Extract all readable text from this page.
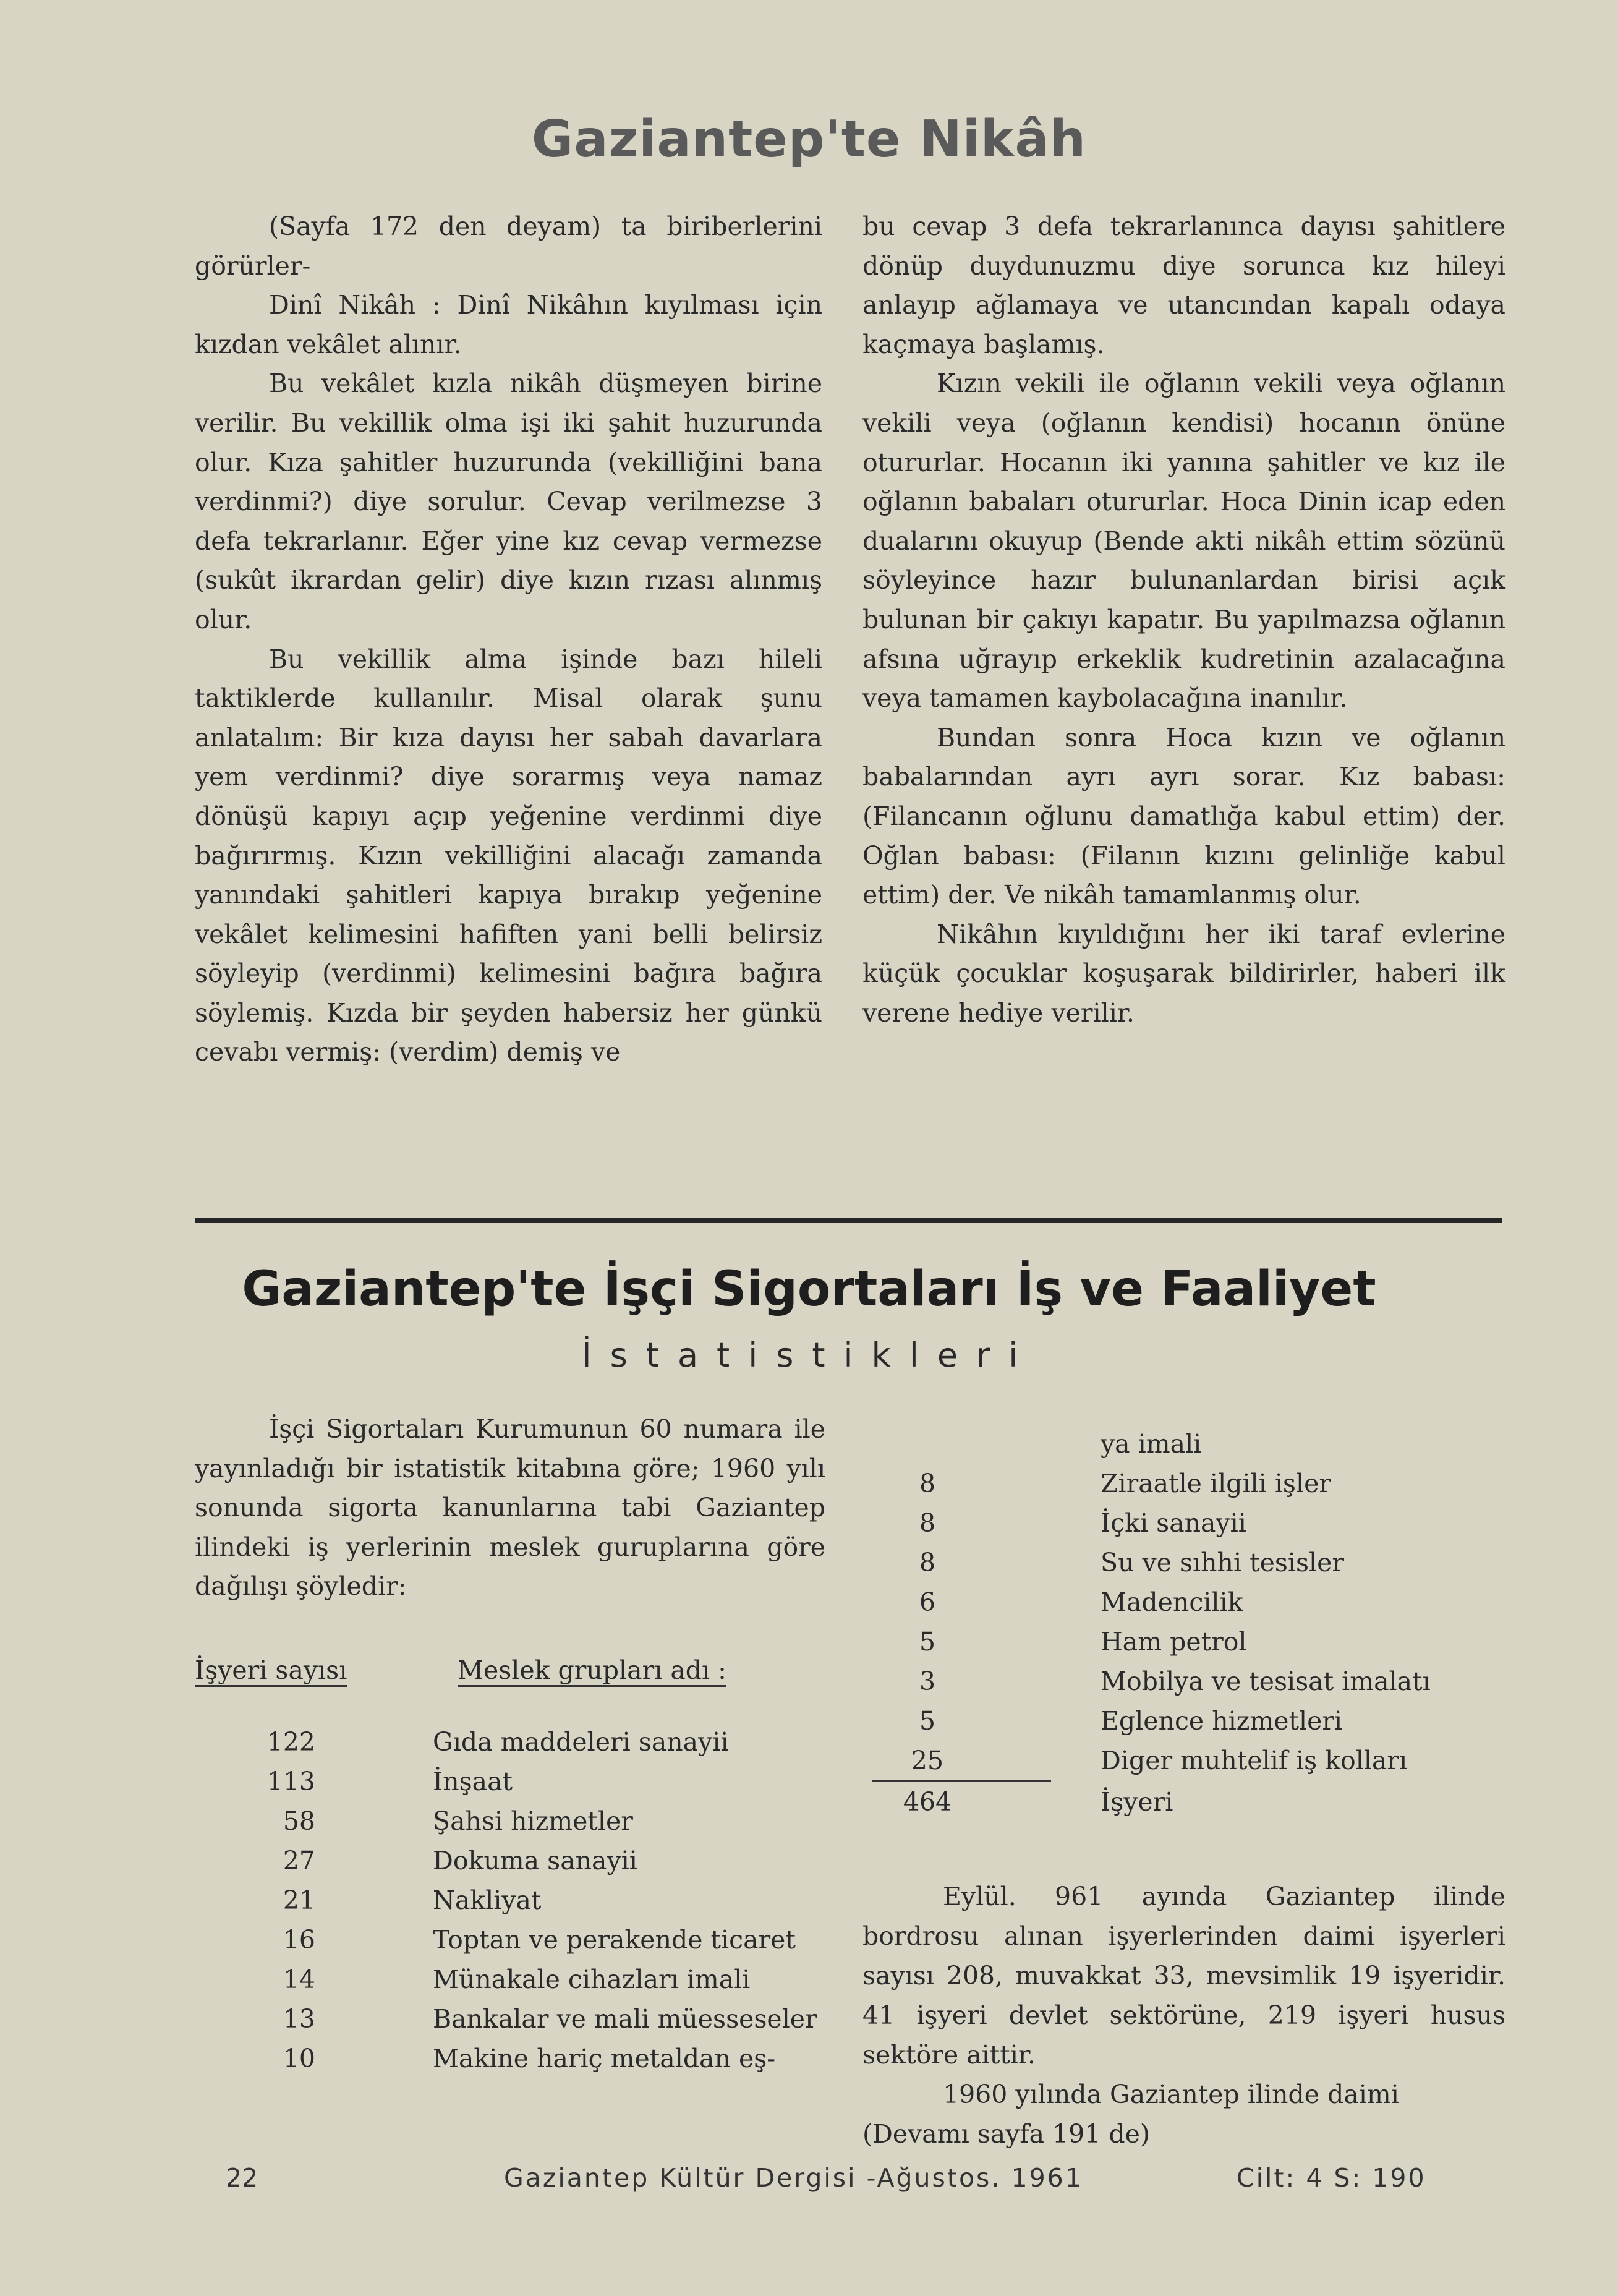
Gaziantep'te Nikâh

(Sayfa 172 den deyam) ta biriberlerini görürler-

Dinî Nikâh : Dinî Nikâhın kıyılması için kızdan vekâlet alınır.

Bu vekâlet kızla nikâh düşmeyen birine verilir. Bu vekillik olma işi iki şahit huzurunda olur. Kıza şahitler huzurunda (vekilliğini bana verdinmi?) diye sorulur. Cevap verilmezse 3 defa tekrarlanır. Eğer yine kız cevap vermezse (sukût ikrardan gelir) diye kızın rızası alınmış olur.

Bu vekillik alma işinde bazı hileli taktiklerde kullanılır. Misal olarak şunu anlatalım: Bir kıza dayısı her sabah davarlara yem verdinmi? diye sorarmış veya namaz dönüşü kapıyı açıp yeğenine verdinmi diye bağırırmış. Kızın vekilliğini alacağı zamanda yanındaki şahitleri kapıya bırakıp yeğenine vekâlet kelimesini hafiften yani belli belirsiz söyleyip (verdinmi) kelimesini bağıra bağıra söylemiş. Kızda bir şeyden habersiz her günkü cevabı vermiş: (verdim) demiş ve

bu cevap 3 defa tekrarlanınca dayısı şahitlere dönüp duydunuzmu diye sorunca kız hileyi anlayıp ağlamaya ve utancından kapalı odaya kaçmaya başlamış.

Kızın vekili ile oğlanın vekili veya oğlanın vekili veya (oğlanın kendisi) hocanın önüne otururlar. Hocanın iki yanına şahitler ve kız ile oğlanın babaları otururlar. Hoca Dinin icap eden dualarını okuyup (Bende akti nikâh ettim sözünü söyleyince hazır bulunanlardan birisi açık bulunan bir çakıyı kapatır. Bu yapılmazsa oğlanın afsına uğrayıp erkeklik kudretinin azalacağına veya tamamen kaybolacağına inanılır.

Bundan sonra Hoca kızın ve oğlanın babalarından ayrı ayrı sorar. Kız babası: (Filancanın oğlunu damatlığa kabul ettim) der. Oğlan babası: (Filanın kızını gelinliğe kabul ettim) der. Ve nikâh tamamlanmış olur.

Nikâhın kıyıldığını her iki taraf evlerine küçük çocuklar koşuşarak bildirirler, haberi ilk verene hediye verilir.

Gaziantep'te İşçi Sigortaları İş ve Faaliyet
İstatistikleri

İşçi Sigortaları Kurumunun 60 numara ile yayınladığı bir istatistik kitabına göre; 1960 yılı sonunda sigorta kanunlarına tabi Gaziantep ilindeki iş yerlerinin meslek guruplarına göre dağılışı şöyledir:

İşyeri sayısı	Meslek grupları adı :
122	Gıda maddeleri sanayii
113	İnşaat
58	Şahsi hizmetler
27	Dokuma sanayii
21	Nakliyat
16	Toptan ve perakende ticaret
14	Münakale cihazları imali
13	Bankalar ve mali müesseseler
10	Makine hariç metaldan eş-
ya imali
8	Ziraatle ilgili işler
8	İçki sanayii
8	Su ve sıhhi tesisler
6	Madencilik
5	Ham petrol
3	Mobilya ve tesisat imalatı
5	Eglence hizmetleri
25	Diger muhtelif iş kolları
464	İşyeri

Eylül. 961 ayında Gaziantep ilinde bordrosu alınan işyerlerinden daimi işyerleri sayısı 208, muvakkat 33, mevsimlik 19 işyeridir. 41 işyeri devlet sektörüne, 219 işyeri husus sektöre aittir.

1960 yılında Gaziantep ilinde daimi

(Devamı sayfa 191 de)

22	Gaziantep Kültür Dergisi -Ağustos. 1961	Cilt: 4 S: 190
